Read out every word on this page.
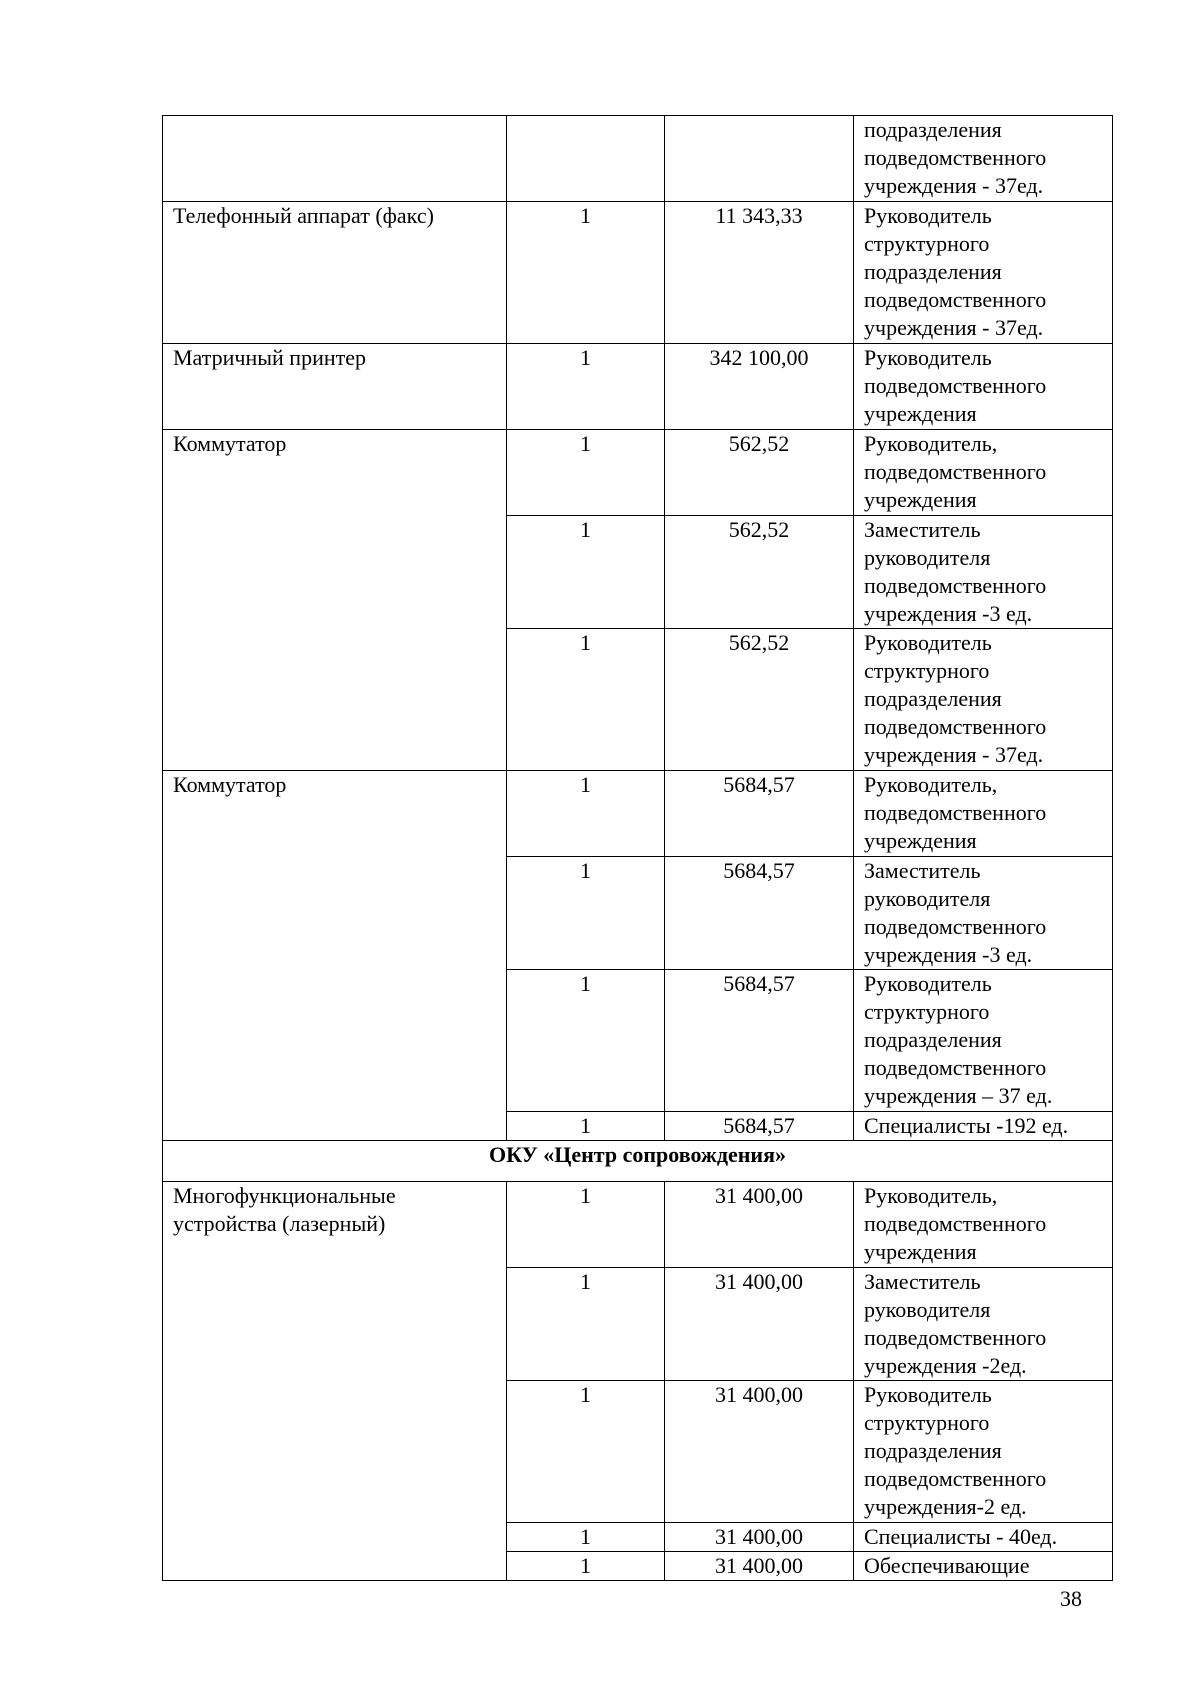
			подразделения
подведомственного
учреждения - 37ед.

Телефонный аппарат (факс)	1	11 343,33	Руководитель
структурного
подразделения
подведомственного
учреждения - 37ед.

Матричный принтер	1	342 100,00	Руководитель
подведомственного
учреждения

Коммутатор	1	562,52	Руководитель,
подведомственного
учреждения

	1	562,52	Заместитель
руководителя
подведомственного
учреждения -3 ед.

	1	562,52	Руководитель
структурного
подразделения
подведомственного
учреждения - 37ед.

Коммутатор	1	5684,57	Руководитель,
подведомственного
учреждения

	1	5684,57	Заместитель
руководителя
подведомственного
учреждения -3 ед.

	1	5684,57	Руководитель
структурного
подразделения
подведомственного
учреждения – 37 ед.

	1	5684,57	Специалисты -192 ед.

ОКУ «Центр сопровождения»			

Многофункциональные
устройства (лазерный)	1	31 400,00	Руководитель,
подведомственного
учреждения

	1	31 400,00	Заместитель
руководителя
подведомственного
учреждения -2ед.

	1	31 400,00	Руководитель
структурного
подразделения
подведомственного
учреждения-2 ед.

	1	31 400,00	Специалисты - 40ед.

	1	31 400,00	Обеспечивающие
38
